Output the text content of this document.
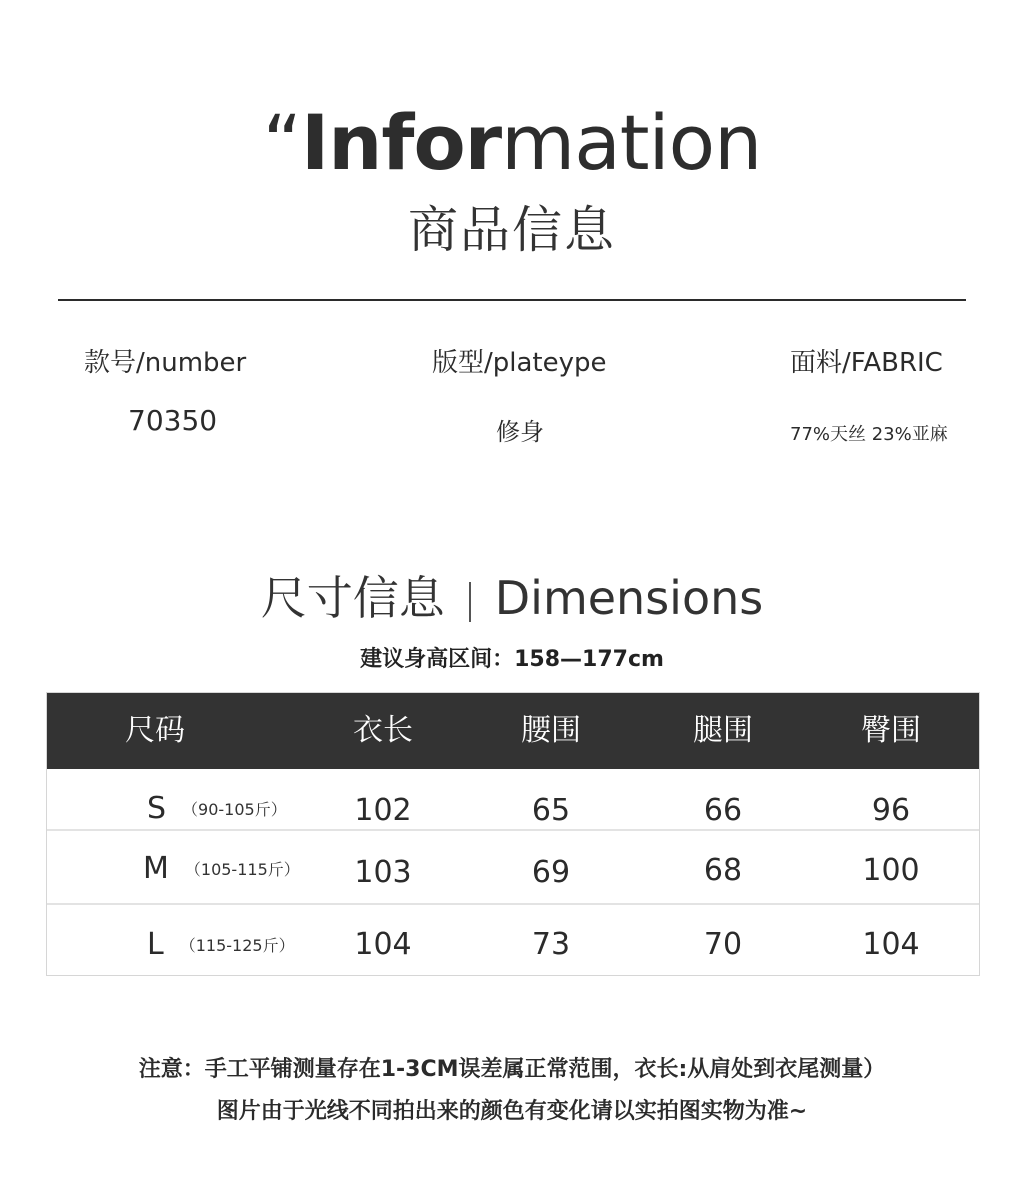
“Information
商品信息
款号/number
70350
版型/plateype
修身
面料/FABRIC
77%天丝 23%亚麻
尺寸信息 Dimensions
建议身高区间：158—177cm
尺码	衣长	腰围	腿围	臀围
S （90-105斤）	102	65	66	96
M （105-115斤）	103	69	68	100
L （115-125斤）	104	73	70	104
注意：手工平铺测量存在1-3CM误差属正常范围，衣长:从肩处到衣尾测量）
图片由于光线不同拍出来的颜色有变化请以实拍图实物为准~
